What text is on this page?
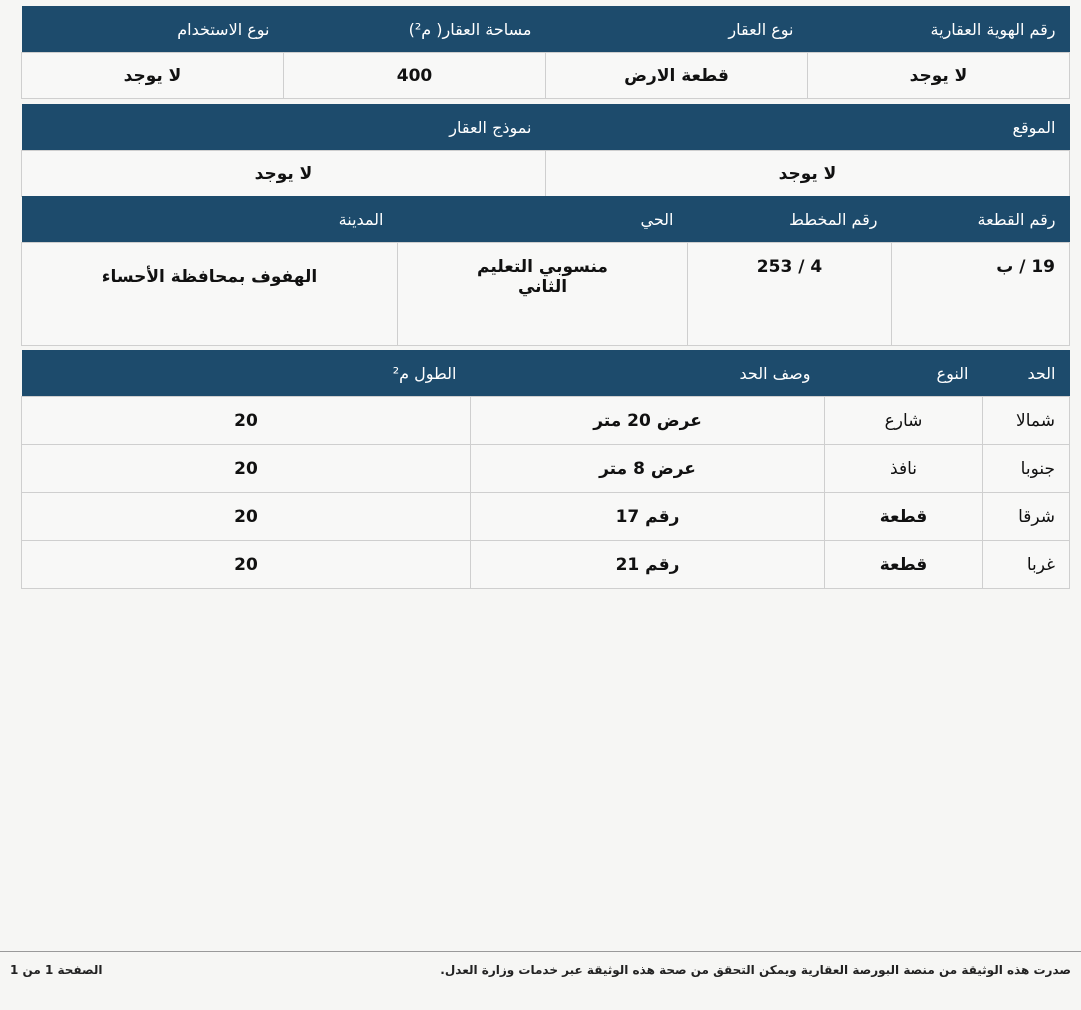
رقم الهوية العقارية	نوع العقار	مساحة العقار( م²)	نوع الاستخدام
لا يوجد	قطعة الارض	400	لا يوجد
الموقع	نموذج العقار
لا يوجد	لا يوجد
رقم القطعة	رقم المخطط	الحي	المدينة
19 / ب	4 / 253	منسوبي التعليم الثاني	الهفوف بمحافظة الأحساء
الحد	النوع	وصف الحد	الطول م²
شمالا	شارع	عرض 20 متر	20
جنوبا	نافذ	عرض 8 متر	20
شرقا	قطعة	رقم 17	20
غربا	قطعة	رقم 21	20
صدرت هذه الوثيقة من منصة البورصة العقارية ويمكن التحقق من صحة هذه الوثيقة عبر خدمات وزارة العدل.
الصفحة 1 من 1
